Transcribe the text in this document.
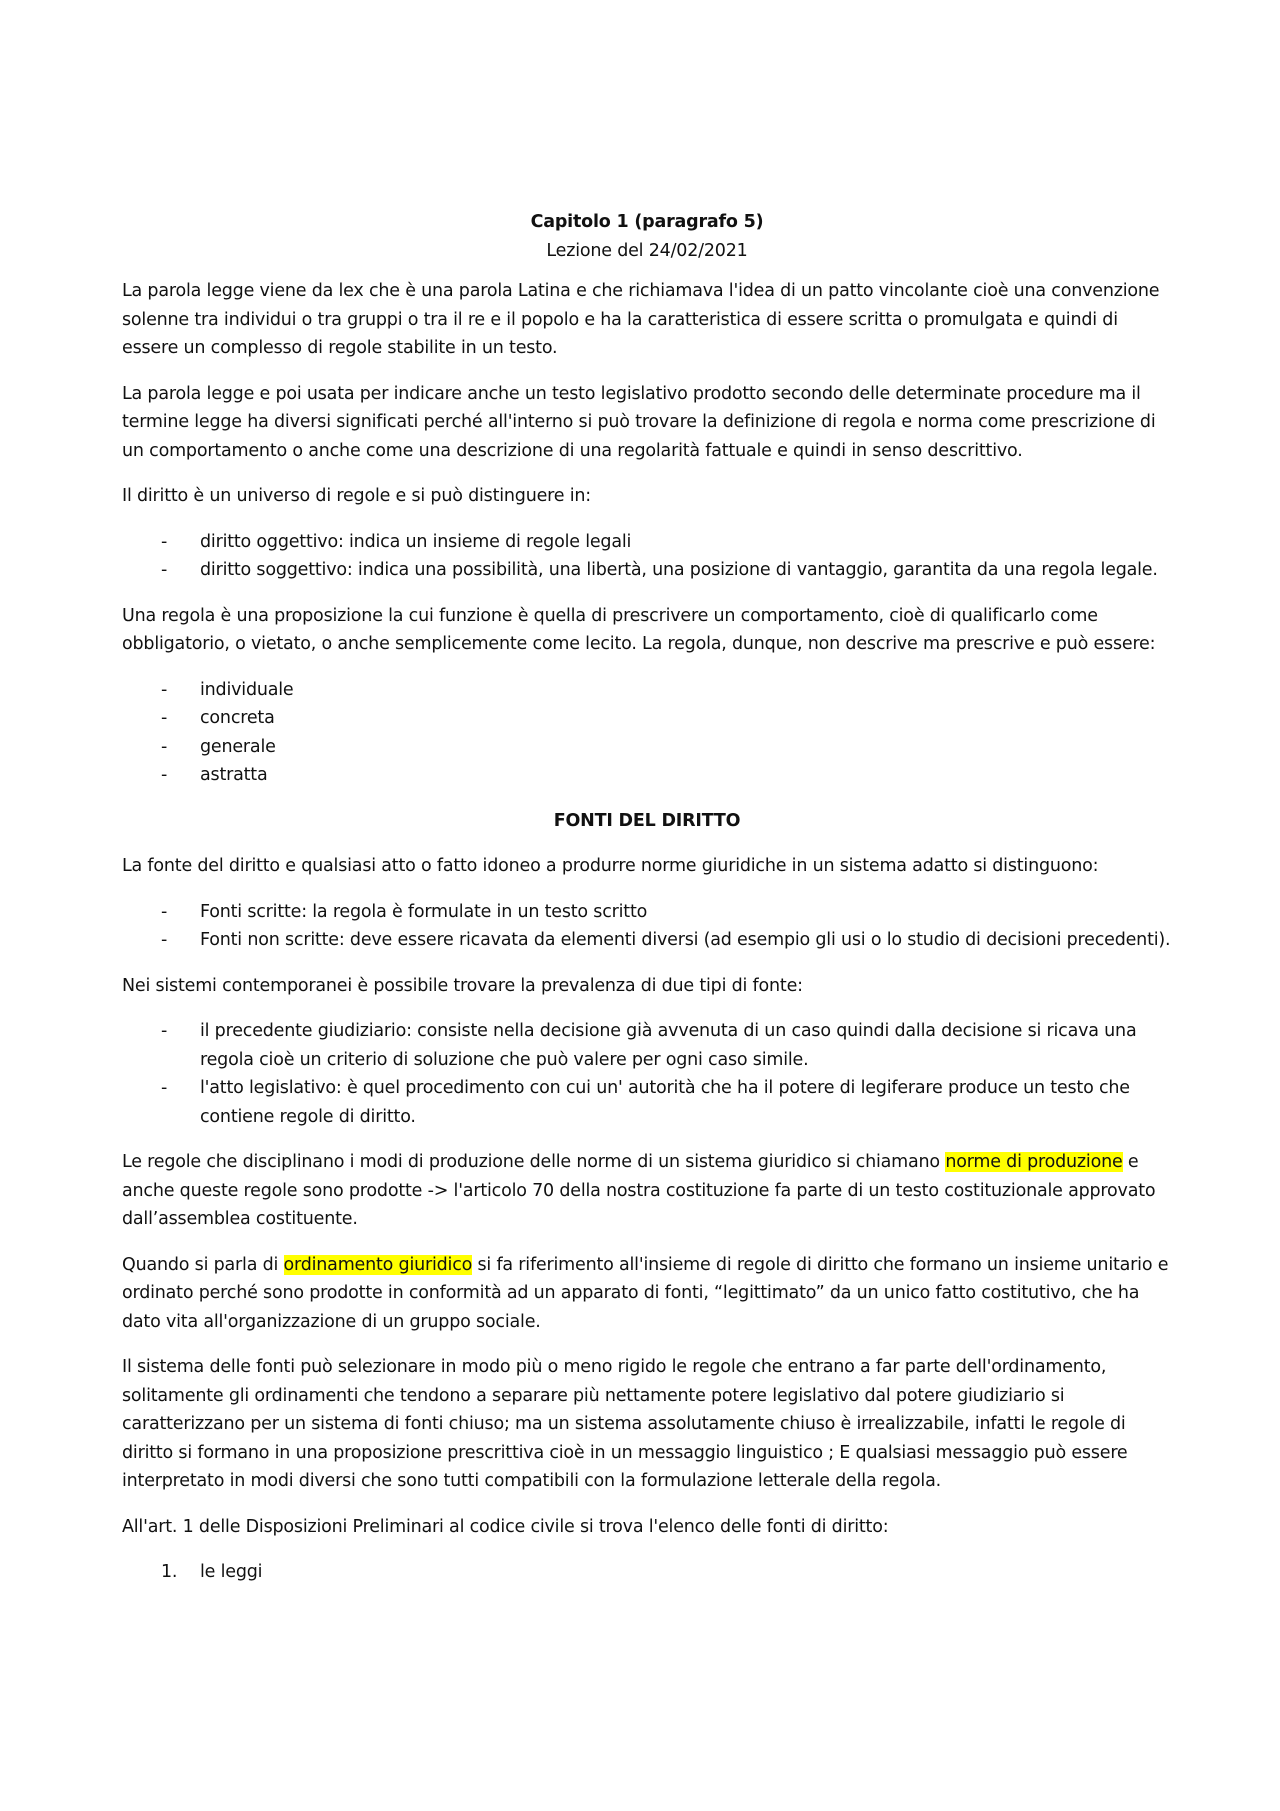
Capitolo 1 (paragrafo 5)

Lezione del 24/02/2021

La parola legge viene da lex che è una parola Latina e che richiamava l'idea di un patto vincolante cioè una convenzione solenne tra individui o tra gruppi o tra il re e il popolo e ha la caratteristica di essere scritta o promulgata e quindi di essere un complesso di regole stabilite in un testo.

La parola legge e poi usata per indicare anche un testo legislativo prodotto secondo delle determinate procedure ma il termine legge ha diversi significati perché all'interno si può trovare la definizione di regola e norma come prescrizione di un comportamento o anche come una descrizione di una regolarità fattuale e quindi in senso descrittivo.

Il diritto è un universo di regole e si può distinguere in:

- diritto oggettivo: indica un insieme di regole legali
- diritto soggettivo: indica una possibilità, una libertà, una posizione di vantaggio, garantita da una regola legale.

Una regola è una proposizione la cui funzione è quella di prescrivere un comportamento, cioè di qualificarlo come obbligatorio, o vietato, o anche semplicemente come lecito. La regola, dunque, non descrive ma prescrive e può essere:

- individuale
- concreta
- generale
- astratta

FONTI DEL DIRITTO

La fonte del diritto e qualsiasi atto o fatto idoneo a produrre norme giuridiche in un sistema adatto si distinguono:

- Fonti scritte: la regola è formulate in un testo scritto
- Fonti non scritte: deve essere ricavata da elementi diversi (ad esempio gli usi o lo studio di decisioni precedenti).

Nei sistemi contemporanei è possibile trovare la prevalenza di due tipi di fonte:

- il precedente giudiziario: consiste nella decisione già avvenuta di un caso quindi dalla decisione si ricava una regola cioè un criterio di soluzione che può valere per ogni caso simile.
- l'atto legislativo: è quel procedimento con cui un' autorità che ha il potere di legiferare produce un testo che contiene regole di diritto.

Le regole che disciplinano i modi di produzione delle norme di un sistema giuridico si chiamano norme di produzione e anche queste regole sono prodotte -> l'articolo 70 della nostra costituzione fa parte di un testo costituzionale approvato dall’assemblea costituente.

Quando si parla di ordinamento giuridico si fa riferimento all'insieme di regole di diritto che formano un insieme unitario e ordinato perché sono prodotte in conformità ad un apparato di fonti, “legittimato” da un unico fatto costitutivo, che ha dato vita all'organizzazione di un gruppo sociale.

Il sistema delle fonti può selezionare in modo più o meno rigido le regole che entrano a far parte dell'ordinamento, solitamente gli ordinamenti che tendono a separare più nettamente potere legislativo dal potere giudiziario si caratterizzano per un sistema di fonti chiuso; ma un sistema assolutamente chiuso è irrealizzabile, infatti le regole di diritto si formano in una proposizione prescrittiva cioè in un messaggio linguistico ; E qualsiasi messaggio può essere interpretato in modi diversi che sono tutti compatibili con la formulazione letterale della regola.

All'art. 1 delle Disposizioni Preliminari al codice civile si trova l'elenco delle fonti di diritto:

1. le leggi
